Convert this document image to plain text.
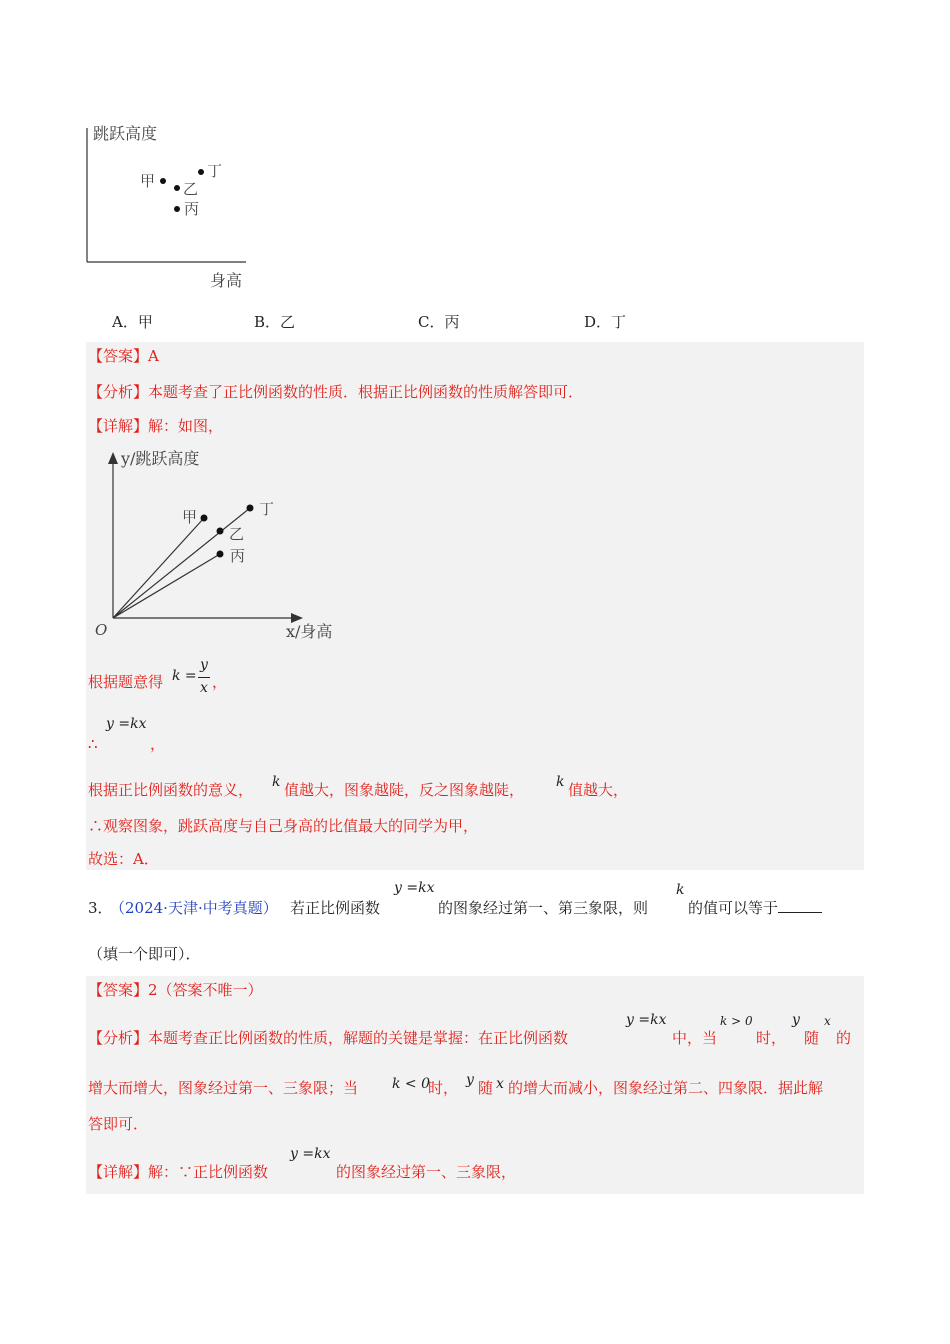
跳跃高度
身高
甲 乙
丙
丁
A．甲	B．乙	C．丙	D．丁
【答案】A
【分析】本题考查了正比例函数的性质．根据正比例函数的性质解答即可．
【详解】解：如图，
y/跳跃高度
x/身高
O
甲
乙
丙
丁
根据题意得 k =
y
x ，
y =kx
∴	，
根据正比例函数的意义， k 值越大，图象越陡，反之图象越陡， k 值越大，
∴观察图象，跳跃高度与自己身高的比值最大的同学为甲，
故选：A．
3．
（2024·天津·中考真题） 若正比例函数
y =kx
的图象经过第一、第三象限，则
k
的值可以等于
（填一个即可）．
【答案】2（答案不唯一）
【分析】本题考查正比例函数的性质，解题的关键是掌握：在正比例函数
y =kx
中，当
k > 0
时，
y
随
x
的
增大而增大，图象经过第一、三象限；当 k < 0
时， y 随 x 的增大而减小，图象经过第二、四象限．据此解
答即可．
【详解】解：∵正比例函数
y =kx
的图象经过第一、三象限，
